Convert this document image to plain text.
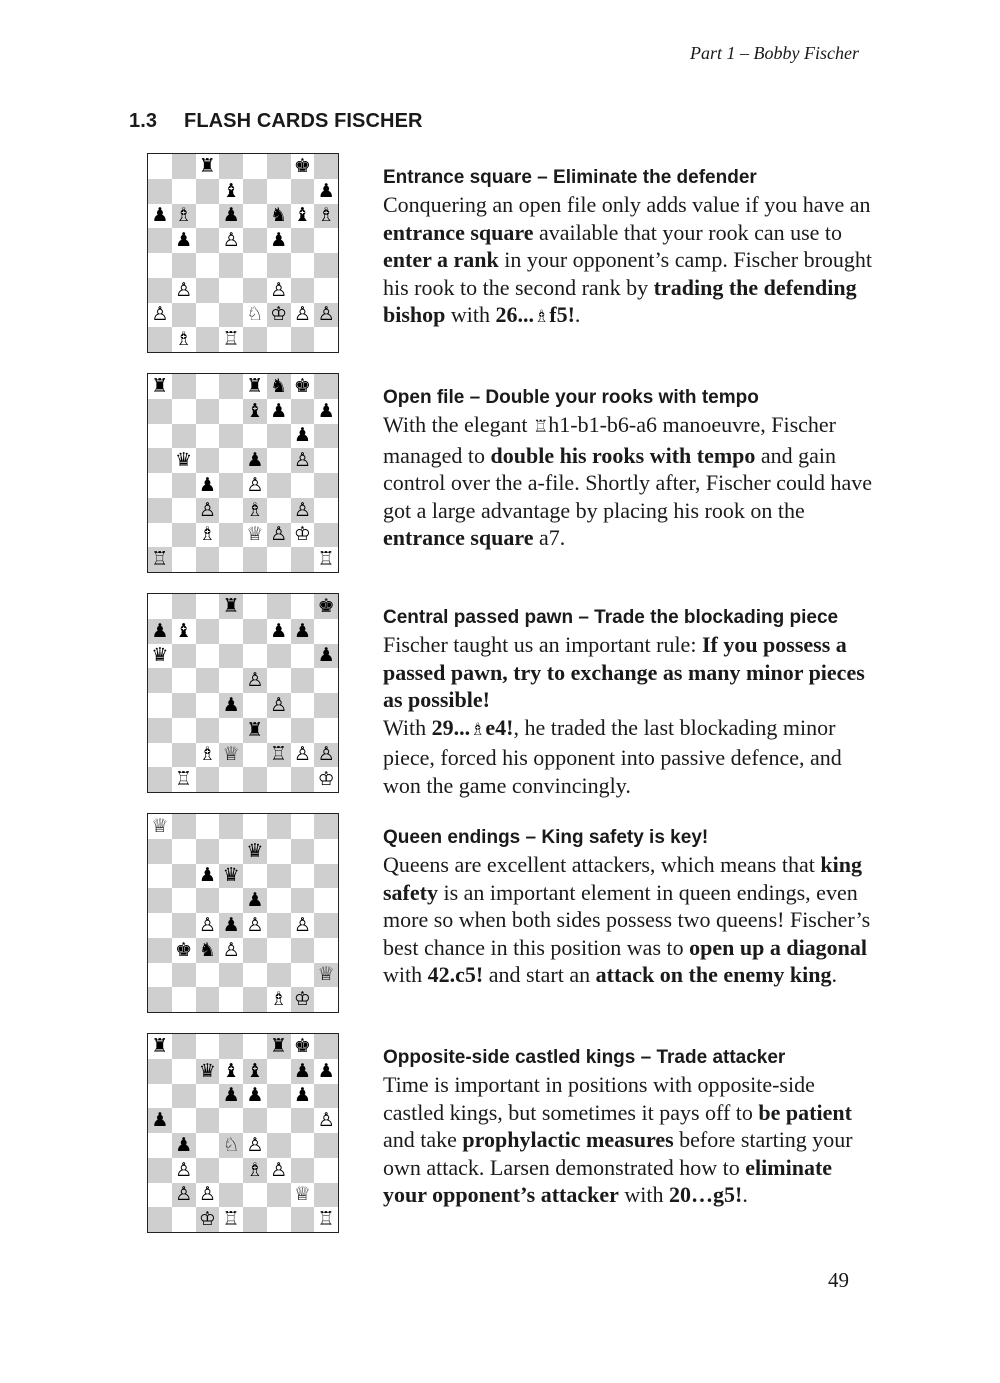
Part 1 – Bobby Fischer
1.3 FLASH CARDS FISCHER
♜	♚
♝	♟
♟ ♗ ♟ ♞ ♝ ♗
♟ ♙ ♟
♙	♙
♙	♘ ♔ ♙ ♙
♗ ♖
Entrance square – Eliminate the defender
Conquering an open file only adds value if you have an entrance square available that your rook can use to enter a rank in your opponent’s camp. Fischer brought his rook to the second rank by trading the defending bishop with 26...♗f5!.
♜	♜ ♞ ♚
♝ ♟ ♟
♟
♛	♟ ♙
♟ ♙
♙ ♗ ♙
♗ ♕ ♙ ♔
♖	♖
Open file – Double your rooks with tempo
With the elegant ♖h1-b1-b6-a6 manoeuvre, Fischer managed to double his rooks with tempo and gain control over the a-file. Shortly after, Fischer could have got a large advantage by placing his rook on the entrance square a7.
♜	♚
♟ ♝	♟ ♟
♛	♟
♙
♟ ♙
♜
♗ ♕ ♖ ♙ ♙
♖	♔
Central passed pawn – Trade the blockading piece
Fischer taught us an important rule: If you possess a passed pawn, try to exchange as many minor pieces as possible!
With 29...♗e4!, he traded the last blockading minor piece, forced his opponent into passive defence, and won the game convincingly.
♕
♛
♟ ♛
♟
♙ ♟ ♙ ♙
♚ ♞ ♙
♕
♗ ♔
Queen endings – King safety is key!
Queens are excellent attackers, which means that king safety is an important element in queen endings, even more so when both sides possess two queens! Fischer’s best chance in this position was to open up a diagonal with 42.c5! and start an attack on the enemy king.
♜	♜ ♚
♛ ♝ ♝ ♟ ♟
♟ ♟ ♟
♟	♙
♟ ♘ ♙
♙	♗ ♙
♙ ♙	♕
♔ ♖	♖
Opposite-side castled kings – Trade attacker
Time is important in positions with opposite-side castled kings, but sometimes it pays off to be patient and take prophylactic measures before starting your own attack. Larsen demonstrated how to eliminate your opponent’s attacker with 20…g5!.
49
